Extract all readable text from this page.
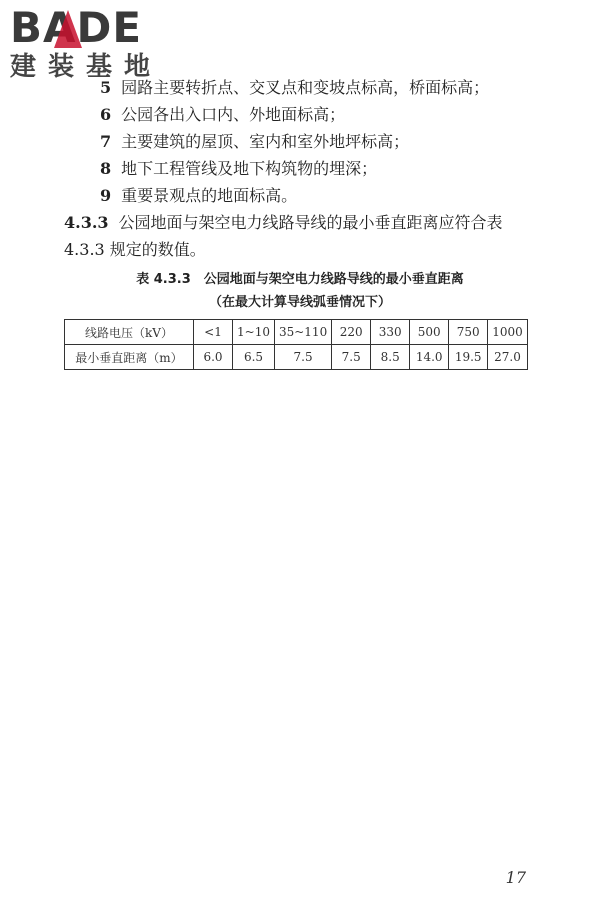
BADE
建装基地
5 园路主要转折点、交叉点和变坡点标高，桥面标高；
6 公园各出入口内、外地面标高；
7 主要建筑的屋顶、室内和室外地坪标高；
8 地下工程管线及地下构筑物的埋深；
9 重要景观点的地面标高。
4.3.3 公园地面与架空电力线路导线的最小垂直距离应符合表
4.3.3 规定的数值。
表 4.3.3　公园地面与架空电力线路导线的最小垂直距离
（在最大计算导线弧垂情况下）
线路电压（kV）	<1	1~10	35~110	220	330	500	750	1000
最小垂直距离（m）	6.0	6.5	7.5	7.5	8.5	14.0	19.5	27.0
17
